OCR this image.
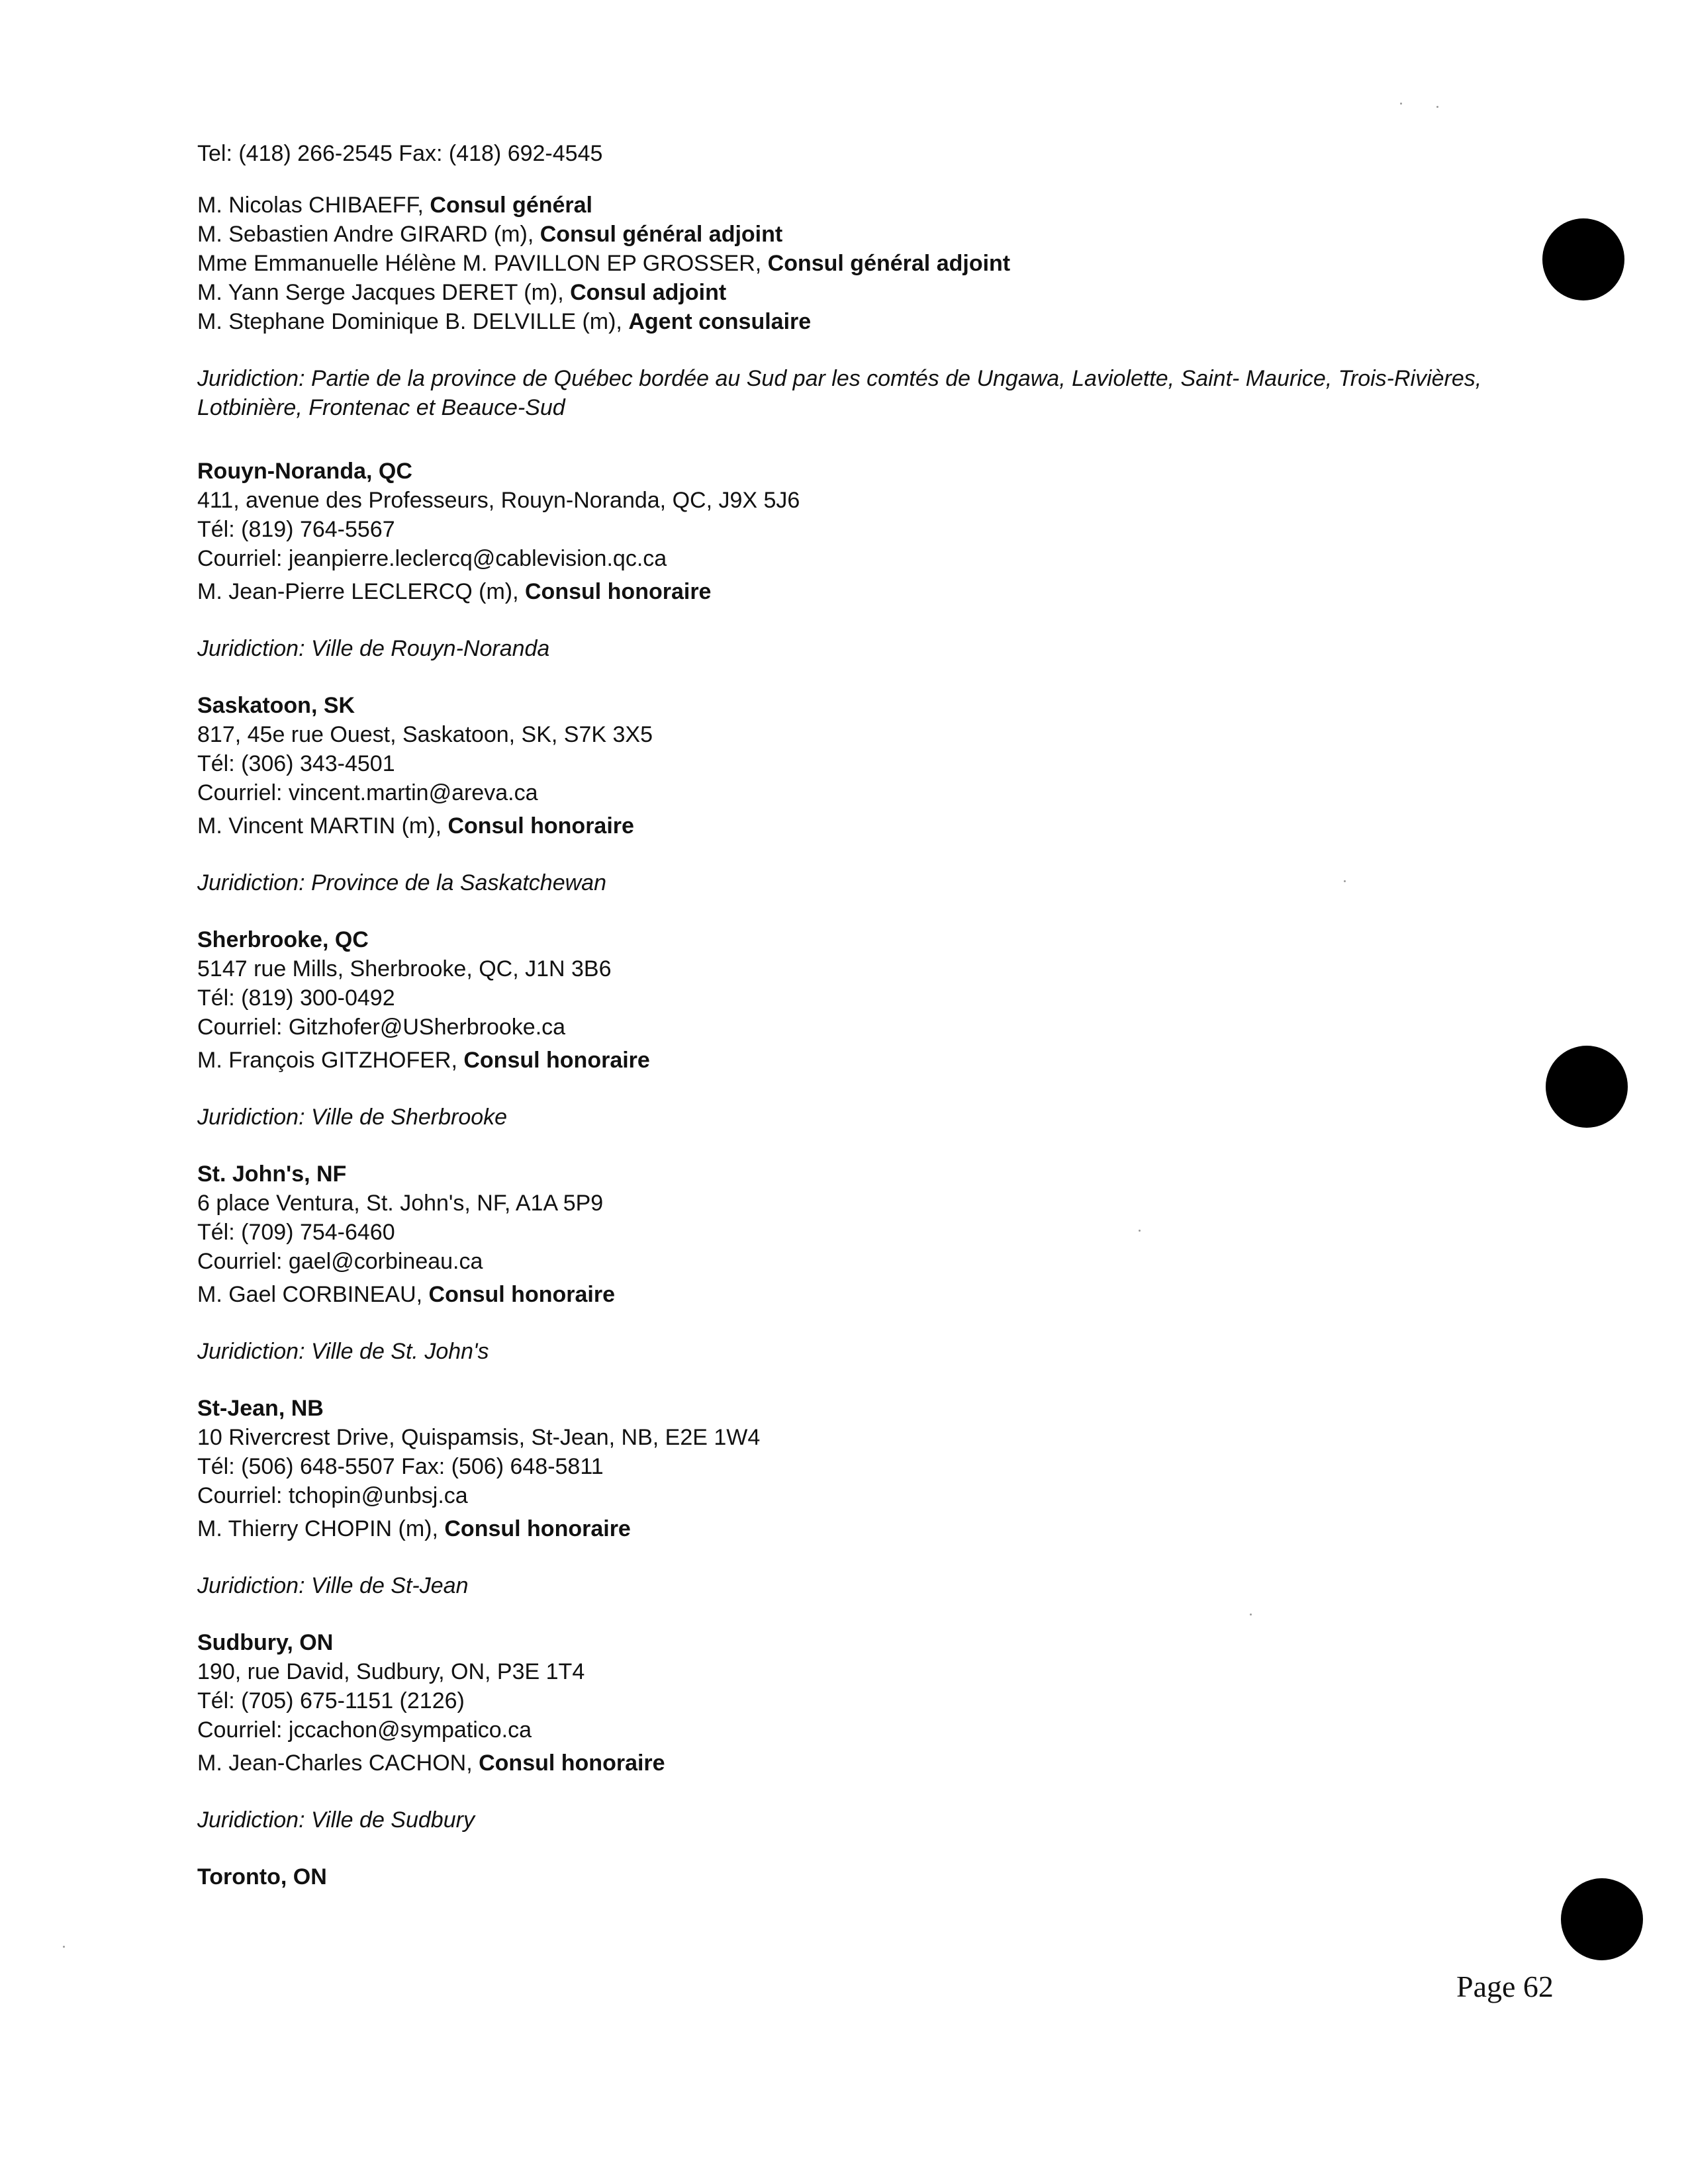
Tel: (418) 266-2545 Fax: (418) 692-4545
M. Nicolas CHIBAEFF, Consul général
M. Sebastien Andre GIRARD (m), Consul général adjoint
Mme Emmanuelle Hélène M. PAVILLON EP GROSSER, Consul général adjoint
M. Yann Serge Jacques DERET (m), Consul adjoint
M. Stephane Dominique B. DELVILLE (m), Agent consulaire
Juridiction: Partie de la province de Québec bordée au Sud par les comtés de Ungawa, Laviolette, Saint- Maurice, Trois-Rivières, Lotbinière, Frontenac et Beauce-Sud
Rouyn-Noranda, QC
411, avenue des Professeurs, Rouyn-Noranda, QC, J9X 5J6
Tél: (819) 764-5567
Courriel: jeanpierre.leclercq@cablevision.qc.ca
M. Jean-Pierre LECLERCQ (m), Consul honoraire
Juridiction: Ville de Rouyn-Noranda
Saskatoon, SK
817, 45e rue Ouest, Saskatoon, SK, S7K 3X5
Tél: (306) 343-4501
Courriel: vincent.martin@areva.ca
M. Vincent MARTIN (m), Consul honoraire
Juridiction: Province de la Saskatchewan
Sherbrooke, QC
5147 rue Mills, Sherbrooke, QC, J1N 3B6
Tél: (819) 300-0492
Courriel: Gitzhofer@USherbrooke.ca
M. François GITZHOFER, Consul honoraire
Juridiction: Ville de Sherbrooke
St. John's, NF
6 place Ventura, St. John's, NF, A1A 5P9
Tél: (709) 754-6460
Courriel: gael@corbineau.ca
M. Gael CORBINEAU, Consul honoraire
Juridiction: Ville de St. John's
St-Jean, NB
10 Rivercrest Drive, Quispamsis, St-Jean, NB, E2E 1W4
Tél: (506) 648-5507 Fax: (506) 648-5811
Courriel: tchopin@unbsj.ca
M. Thierry CHOPIN (m), Consul honoraire
Juridiction: Ville de St-Jean
Sudbury, ON
190, rue David, Sudbury, ON, P3E 1T4
Tél: (705) 675-1151 (2126)
Courriel: jccachon@sympatico.ca
M. Jean-Charles CACHON, Consul honoraire
Juridiction: Ville de Sudbury
Toronto, ON
Page 62
